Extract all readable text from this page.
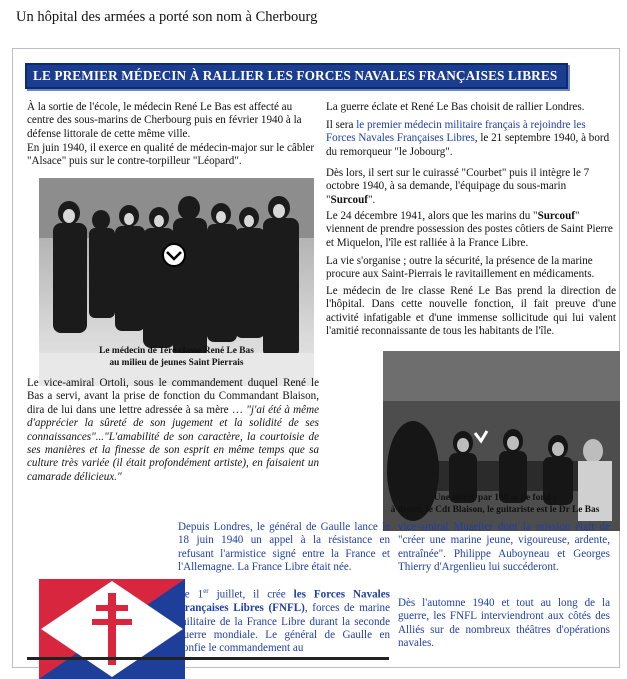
Un hôpital des armées a porté son nom à Cherbourg
LE PREMIER MÉDECIN À RALLIER LES FORCES NAVALES FRANÇAISES LIBRES

À la sortie de l'école, le médecin René Le Bas est affecté au centre des sous-marins de Cherbourg puis en février 1940 à la défense littorale de cette même ville.

En juin 1940, il exerce en qualité de médecin-major sur le câbler "Alsace" puis sur le contre-torpilleur "Léopard".

Le médecin de 1ère classe René Le Bas
au milieu de jeunes Saint Pierrais

Le vice-amiral Ortoli, sous le commandement duquel René le Bas a servi, avant la prise de fonction du Commandant Blaison, dira de lui dans une lettre adressée à sa mère … "j'ai été à même d'apprécier la sûreté de son jugement et la solidité de ses connaissances"..."L'amabilité de son caractère, la courtoisie de ses manières et la finesse de son esprit en même temps que sa culture très variée (il était profondément artiste), en faisaient un camarade délicieux."

La guerre éclate et René Le Bas choisit de rallier Londres.

Il sera le premier médecin militaire français à rejoindre les Forces Navales Françaises Libres, le 21 septembre 1940, à bord du remorqueur "le Jobourg".

Dès lors, il sert sur le cuirassé "Courbet" puis il intègre le 7 octobre 1940, à sa demande, l'équipage du sous-marin "Surcouf".

Le 24 décembre 1941, alors que les marins du "Surcouf" viennent de prendre possession des postes côtiers de Saint Pierre et Miquelon, l'île est ralliée à la France Libre.

La vie s'organise ; outre la sécurité, la présence de la marine procure aux Saint-Pierrais le ravitaillement en médicaments.

Le médecin de lre classe René Le Bas prend la direction de l'hôpital. Dans cette nouvelle fonction, il fait preuve d'une activité infatigable et d'une immense sollicitude qui lui valent l'amitié reconnaissante de tous les habitants de l'île.

Une soirée par 100 m de fond :
à droite, le Cdt Blaison, le guitariste est le Dr Le Bas

Depuis Londres, le général de Gaulle lance le 18 juin 1940 un appel à la résistance en refusant l'armistice signé entre la France et l'Allemagne. La France Libre était née.

Le 1er juillet, il crée les Forces Navales Françaises Libres (FNFL), forces de marine militaire de la France Libre durant la seconde guerre mondiale. Le général de Gaulle en confie le commandement au

vice-amiral Muselier dont la mission était de "créer une marine jeune, vigoureuse, ardente, entraînée". Philippe Auboyneau et Georges Thierry d'Argenlieu lui succéderont.

Dès l'automne 1940 et tout au long de la guerre, les FNFL interviendront aux côtés des Alliés sur de nombreux théâtres d'opérations navales.
